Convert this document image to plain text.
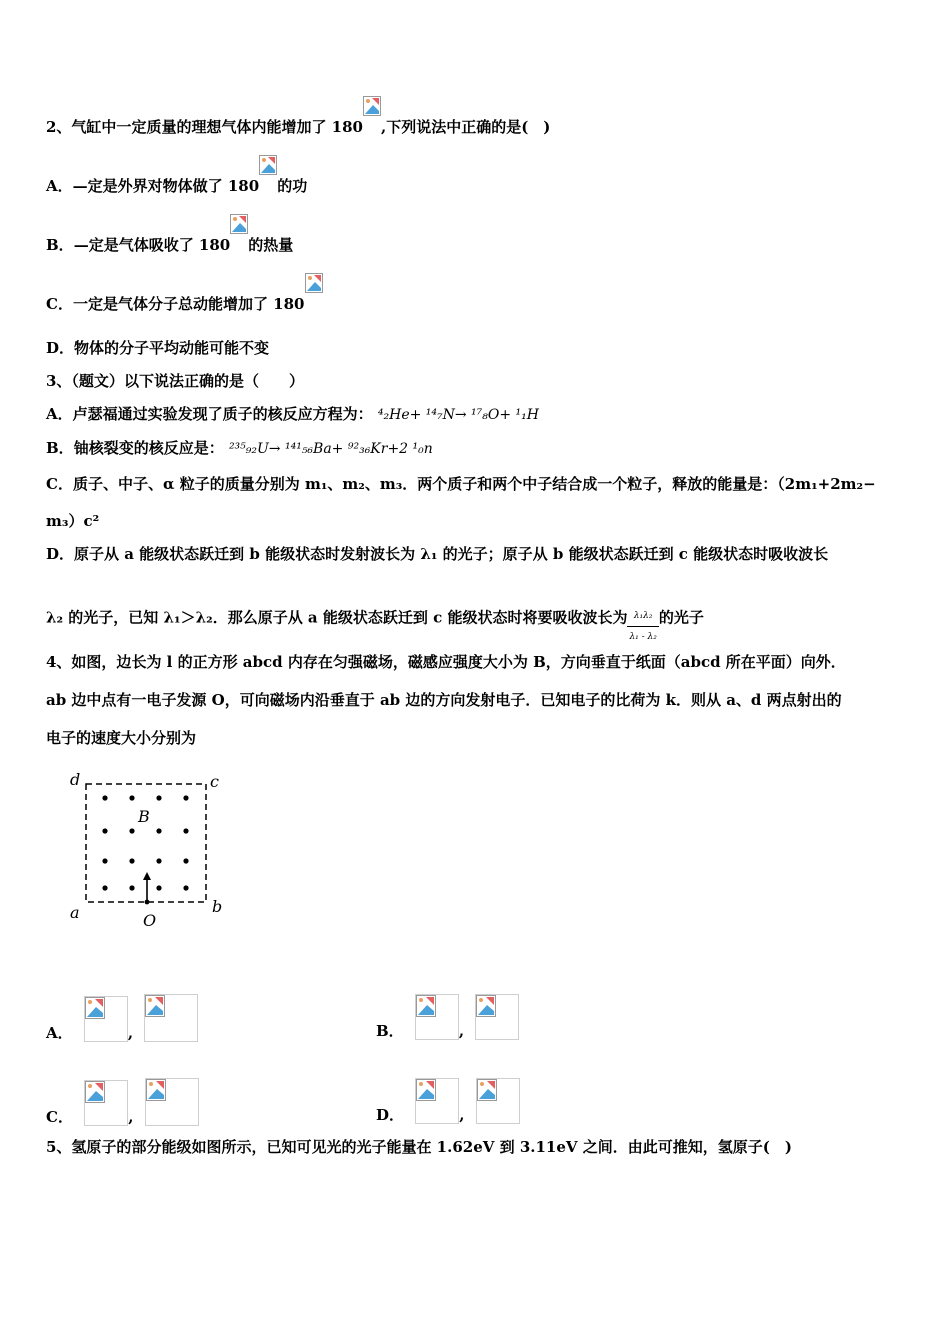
2、气缸中一定质量的理想气体内能增加了 180 ,下列说法中正确的是(　)
A．—定是外界对物体做了 180 的功
B．—定是气体吸收了 180 的热量
C．一定是气体分子总动能增加了 180
D．物体的分子平均动能可能不变
3、（题文）以下说法正确的是（　　）
A．卢瑟福通过实验发现了质子的核反应方程为： ⁴₂He+ ¹⁴₇N→ ¹⁷₈O+ ¹₁H
B．铀核裂变的核反应是： ²³⁵₉₂U→ ¹⁴¹₅₆Ba+ ⁹²₃₆Kr+2 ¹₀n
C．质子、中子、α 粒子的质量分别为 m₁、m₂、m₃．两个质子和两个中子结合成一个粒子，释放的能量是：（2m₁+2m₂−
m₃）c²
D．原子从 a 能级状态跃迁到 b 能级状态时发射波长为 λ₁ 的光子；原子从 b 能级状态跃迁到 c 能级状态时吸收波长
λ₂ 的光子，已知 λ₁＞λ₂．那么原子从 a 能级状态跃迁到 c 能级状态时将要吸收波长为 $\frac{\text{λ₁λ₂}}{\text{λ₁ - λ₂}}$ 的光子
4、如图，边长为 l 的正方形 abcd 内存在匀强磁场，磁感应强度大小为 B，方向垂直于纸面（abcd 所在平面）向外．
ab 边中点有一电子发源 O，可向磁场内沿垂直于 ab 边的方向发射电子．已知电子的比荷为 k．则从 a、d 两点射出的
电子的速度大小分别为
d	c
a	b
B
O
A．	,	B．	,
C．	,	D．	,
5、氢原子的部分能级如图所示，已知可见光的光子能量在 1.62eV 到 3.11eV 之间．由此可推知，氢原子(　)
